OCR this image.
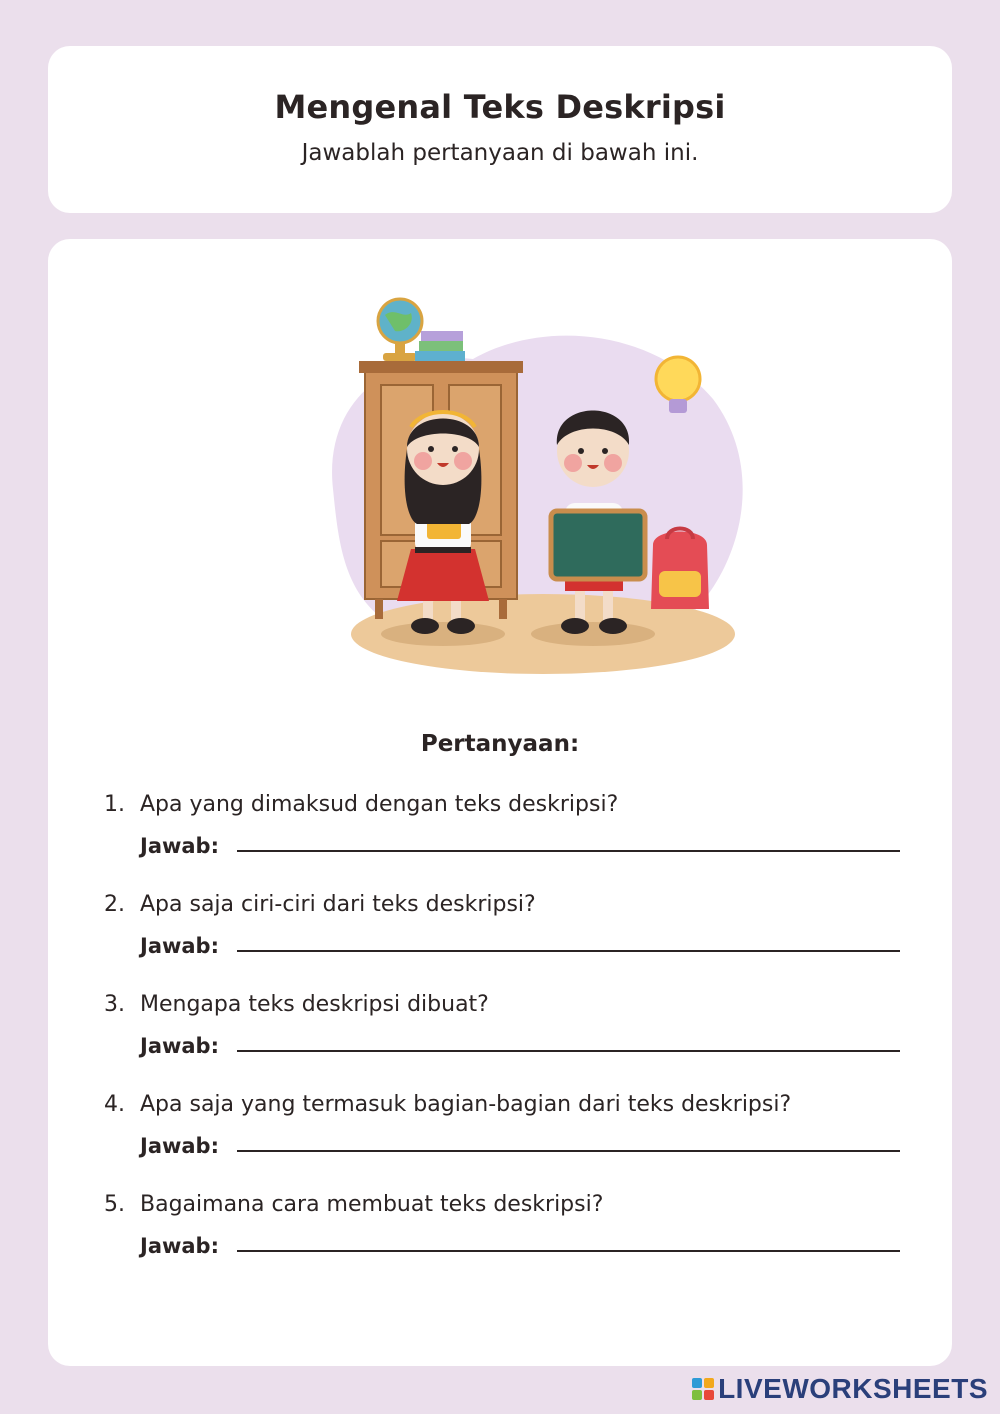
Mengenal Teks Deskripsi

Jawablah pertanyaan di bawah ini.

Pertanyaan:
1. Apa yang dimaksud dengan teks deskripsi?
Jawab:
2. Apa saja ciri-ciri dari teks deskripsi?
Jawab:
3. Mengapa teks deskripsi dibuat?
Jawab:
4. Apa saja yang termasuk bagian-bagian dari teks deskripsi?
Jawab:
5. Bagaimana cara membuat teks deskripsi?
Jawab:
LIVEWORKSHEETS
